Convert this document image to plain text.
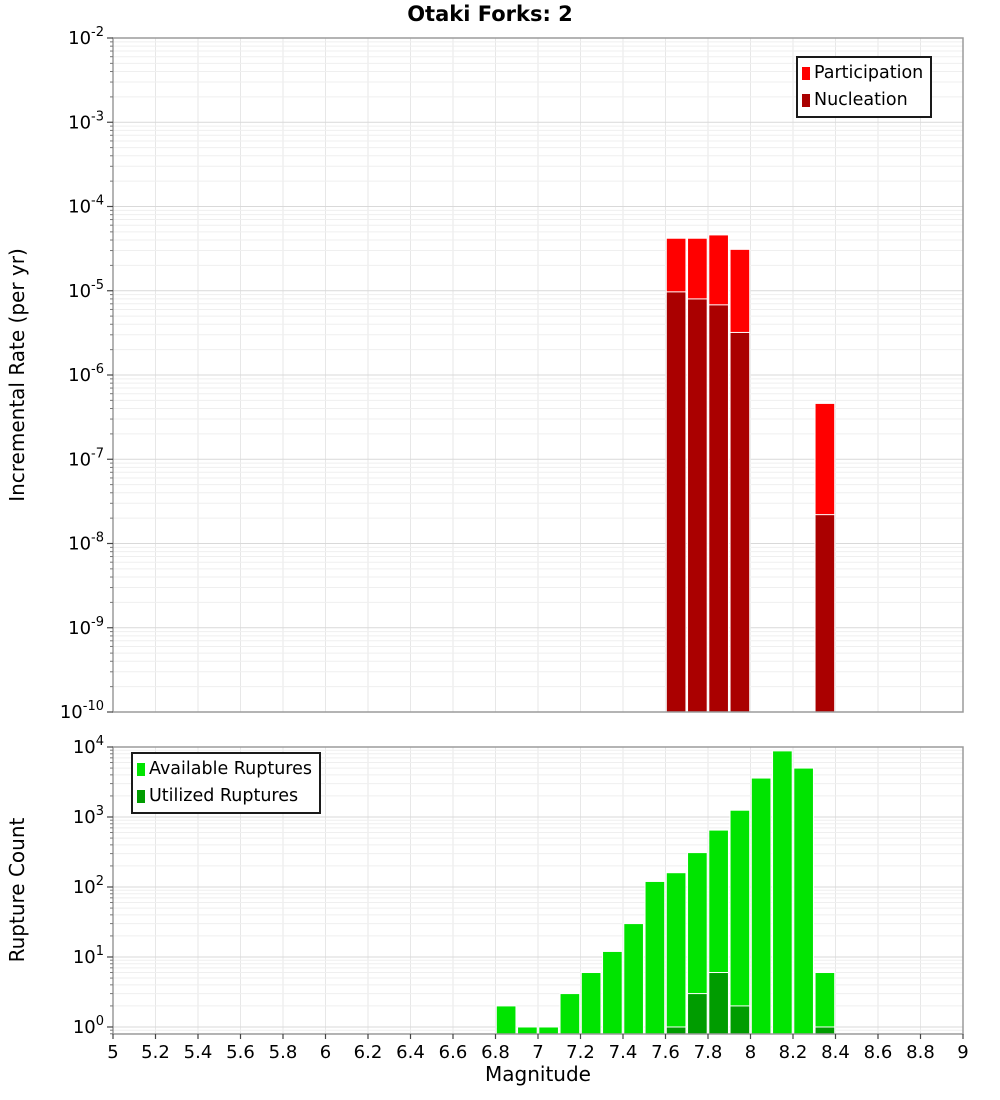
Otaki Forks: 2
Incremental Rate (per yr)
Rupture Count
Magnitude
$10^{-2}$
$10^{-3}$
$10^{-4}$
$10^{-5}$
$10^{-6}$
$10^{-7}$
$10^{-8}$
$10^{-9}$
$10^{-10}$
$10^0$
$10^1$
$10^2$
$10^3$
$10^4$
5 5.2 5.4 5.6 5.8 6 6.2 6.4 6.6 6.8 7 7.2 7.4 7.6 7.8 8 8.2 8.4 8.6 8.8 9
Participation
Nucleation
Available Ruptures
Utilized Ruptures
